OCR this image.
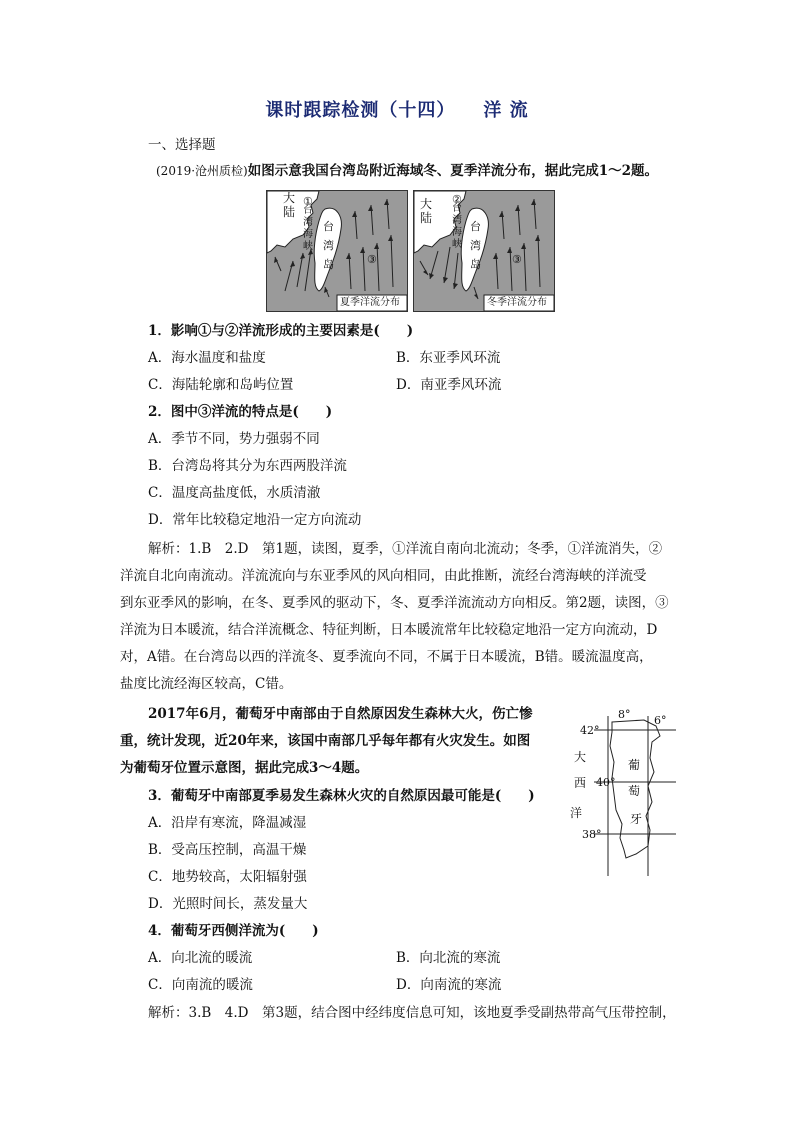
课时跟踪检测（十四） 洋 流
一、选择题
(2019·沧州质检)如图示意我国台湾岛附近海域冬、夏季洋流分布，据此完成1～2题。
大
陆
①
台
湾
海
峡
台
湾
岛	③
夏季洋流分布
大
陆
②
台
湾
海
峡
台
湾
岛	③
冬季洋流分布
1．影响①与②洋流形成的主要因素是(　　)
A．海水温度和盐度	B．东亚季风环流
C．海陆轮廓和岛屿位置	D．南亚季风环流
2．图中③洋流的特点是(　　)
A．季节不同，势力强弱不同
B．台湾岛将其分为东西两股洋流
C．温度高盐度低，水质清澈
D．常年比较稳定地沿一定方向流动
解析：1.B　2.D　第1题，读图，夏季，①洋流自南向北流动；冬季，①洋流消失，②
洋流自北向南流动。洋流流向与东亚季风的风向相同，由此推断，流经台湾海峡的洋流受
到东亚季风的影响，在冬、夏季风的驱动下，冬、夏季洋流流动方向相反。第2题，读图，③
洋流为日本暖流，结合洋流概念、特征判断，日本暖流常年比较稳定地沿一定方向流动，D
对，A错。在台湾岛以西的洋流冬、夏季流向不同，不属于日本暖流，B错。暖流温度高，
盐度比流经海区较高，C错。
2017年6月，葡萄牙中南部由于自然原因发生森林大火，伤亡惨
重，统计发现，近20年来，该国中南部几乎每年都有火灾发生。如图
为葡萄牙位置示意图，据此完成3～4题。
8° 6°
42°
40°
38°
大
西
洋
葡
萄
牙
3．葡萄牙中南部夏季易发生森林火灾的自然原因最可能是(　　)
A．沿岸有寒流，降温减湿
B．受高压控制，高温干燥
C．地势较高，太阳辐射强
D．光照时间长，蒸发量大
4．葡萄牙西侧洋流为(　　)
A．向北流的暖流	B．向北流的寒流
C．向南流的暖流	D．向南流的寒流
解析：3.B　4.D　第3题，结合图中经纬度信息可知，该地夏季受副热带高气压带控制，
